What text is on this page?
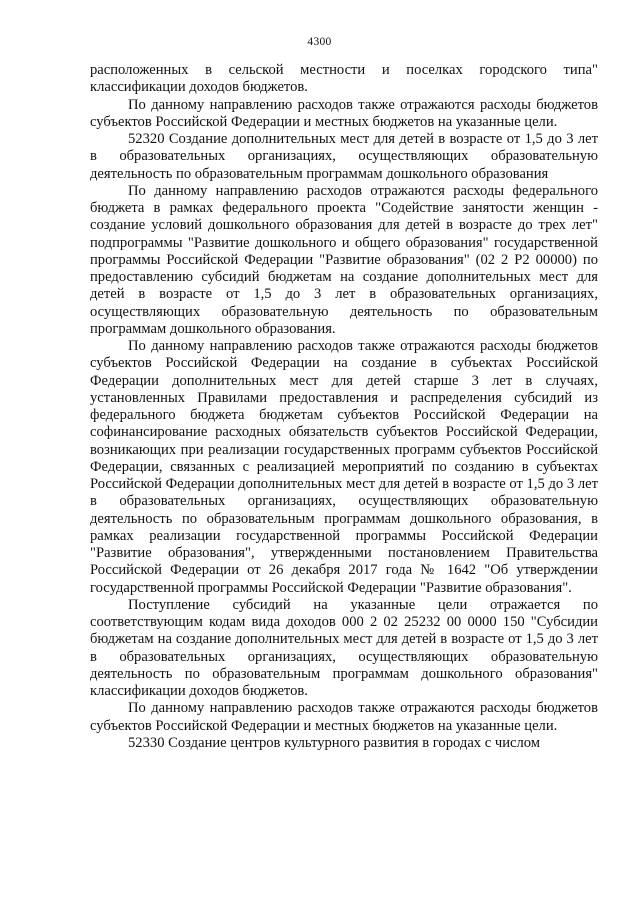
4300

расположенных в сельской местности и поселках городского типа" классификации доходов бюджетов.

По данному направлению расходов также отражаются расходы бюджетов субъектов Российской Федерации и местных бюджетов на указанные цели.

52320 Создание дополнительных мест для детей в возрасте от 1,5 до 3 лет в образовательных организациях, осуществляющих образовательную деятельность по образовательным программам дошкольного образования

По данному направлению расходов отражаются расходы федерального бюджета в рамках федерального проекта "Содействие занятости женщин - создание условий дошкольного образования для детей в возрасте до трех лет" подпрограммы "Развитие дошкольного и общего образования" государственной программы Российской Федерации "Развитие образования" (02 2 P2 00000) по предоставлению субсидий бюджетам на создание дополнительных мест для детей в возрасте от 1,5 до 3 лет в образовательных организациях, осуществляющих образовательную деятельность по образовательным программам дошкольного образования.

По данному направлению расходов также отражаются расходы бюджетов субъектов Российской Федерации на создание в субъектах Российской Федерации дополнительных мест для детей старше 3 лет в случаях, установленных Правилами предоставления и распределения субсидий из федерального бюджета бюджетам субъектов Российской Федерации на софинансирование расходных обязательств субъектов Российской Федерации, возникающих при реализации государственных программ субъектов Российской Федерации, связанных с реализацией мероприятий по созданию в субъектах Российской Федерации дополнительных мест для детей в возрасте от 1,5 до 3 лет в образовательных организациях, осуществляющих образовательную деятельность по образовательным программам дошкольного образования, в рамках реализации государственной программы Российской Федерации "Развитие образования", утвержденными постановлением Правительства Российской Федерации от 26 декабря 2017 года № 1642 "Об утверждении государственной программы Российской Федерации "Развитие образования".

Поступление субсидий на указанные цели отражается по соответствующим кодам вида доходов 000 2 02 25232 00 0000 150 "Субсидии бюджетам на создание дополнительных мест для детей в возрасте от 1,5 до 3 лет в образовательных организациях, осуществляющих образовательную деятельность по образовательным программам дошкольного образования" классификации доходов бюджетов.

По данному направлению расходов также отражаются расходы бюджетов субъектов Российской Федерации и местных бюджетов на указанные цели.

52330 Создание центров культурного развития в городах с числом
